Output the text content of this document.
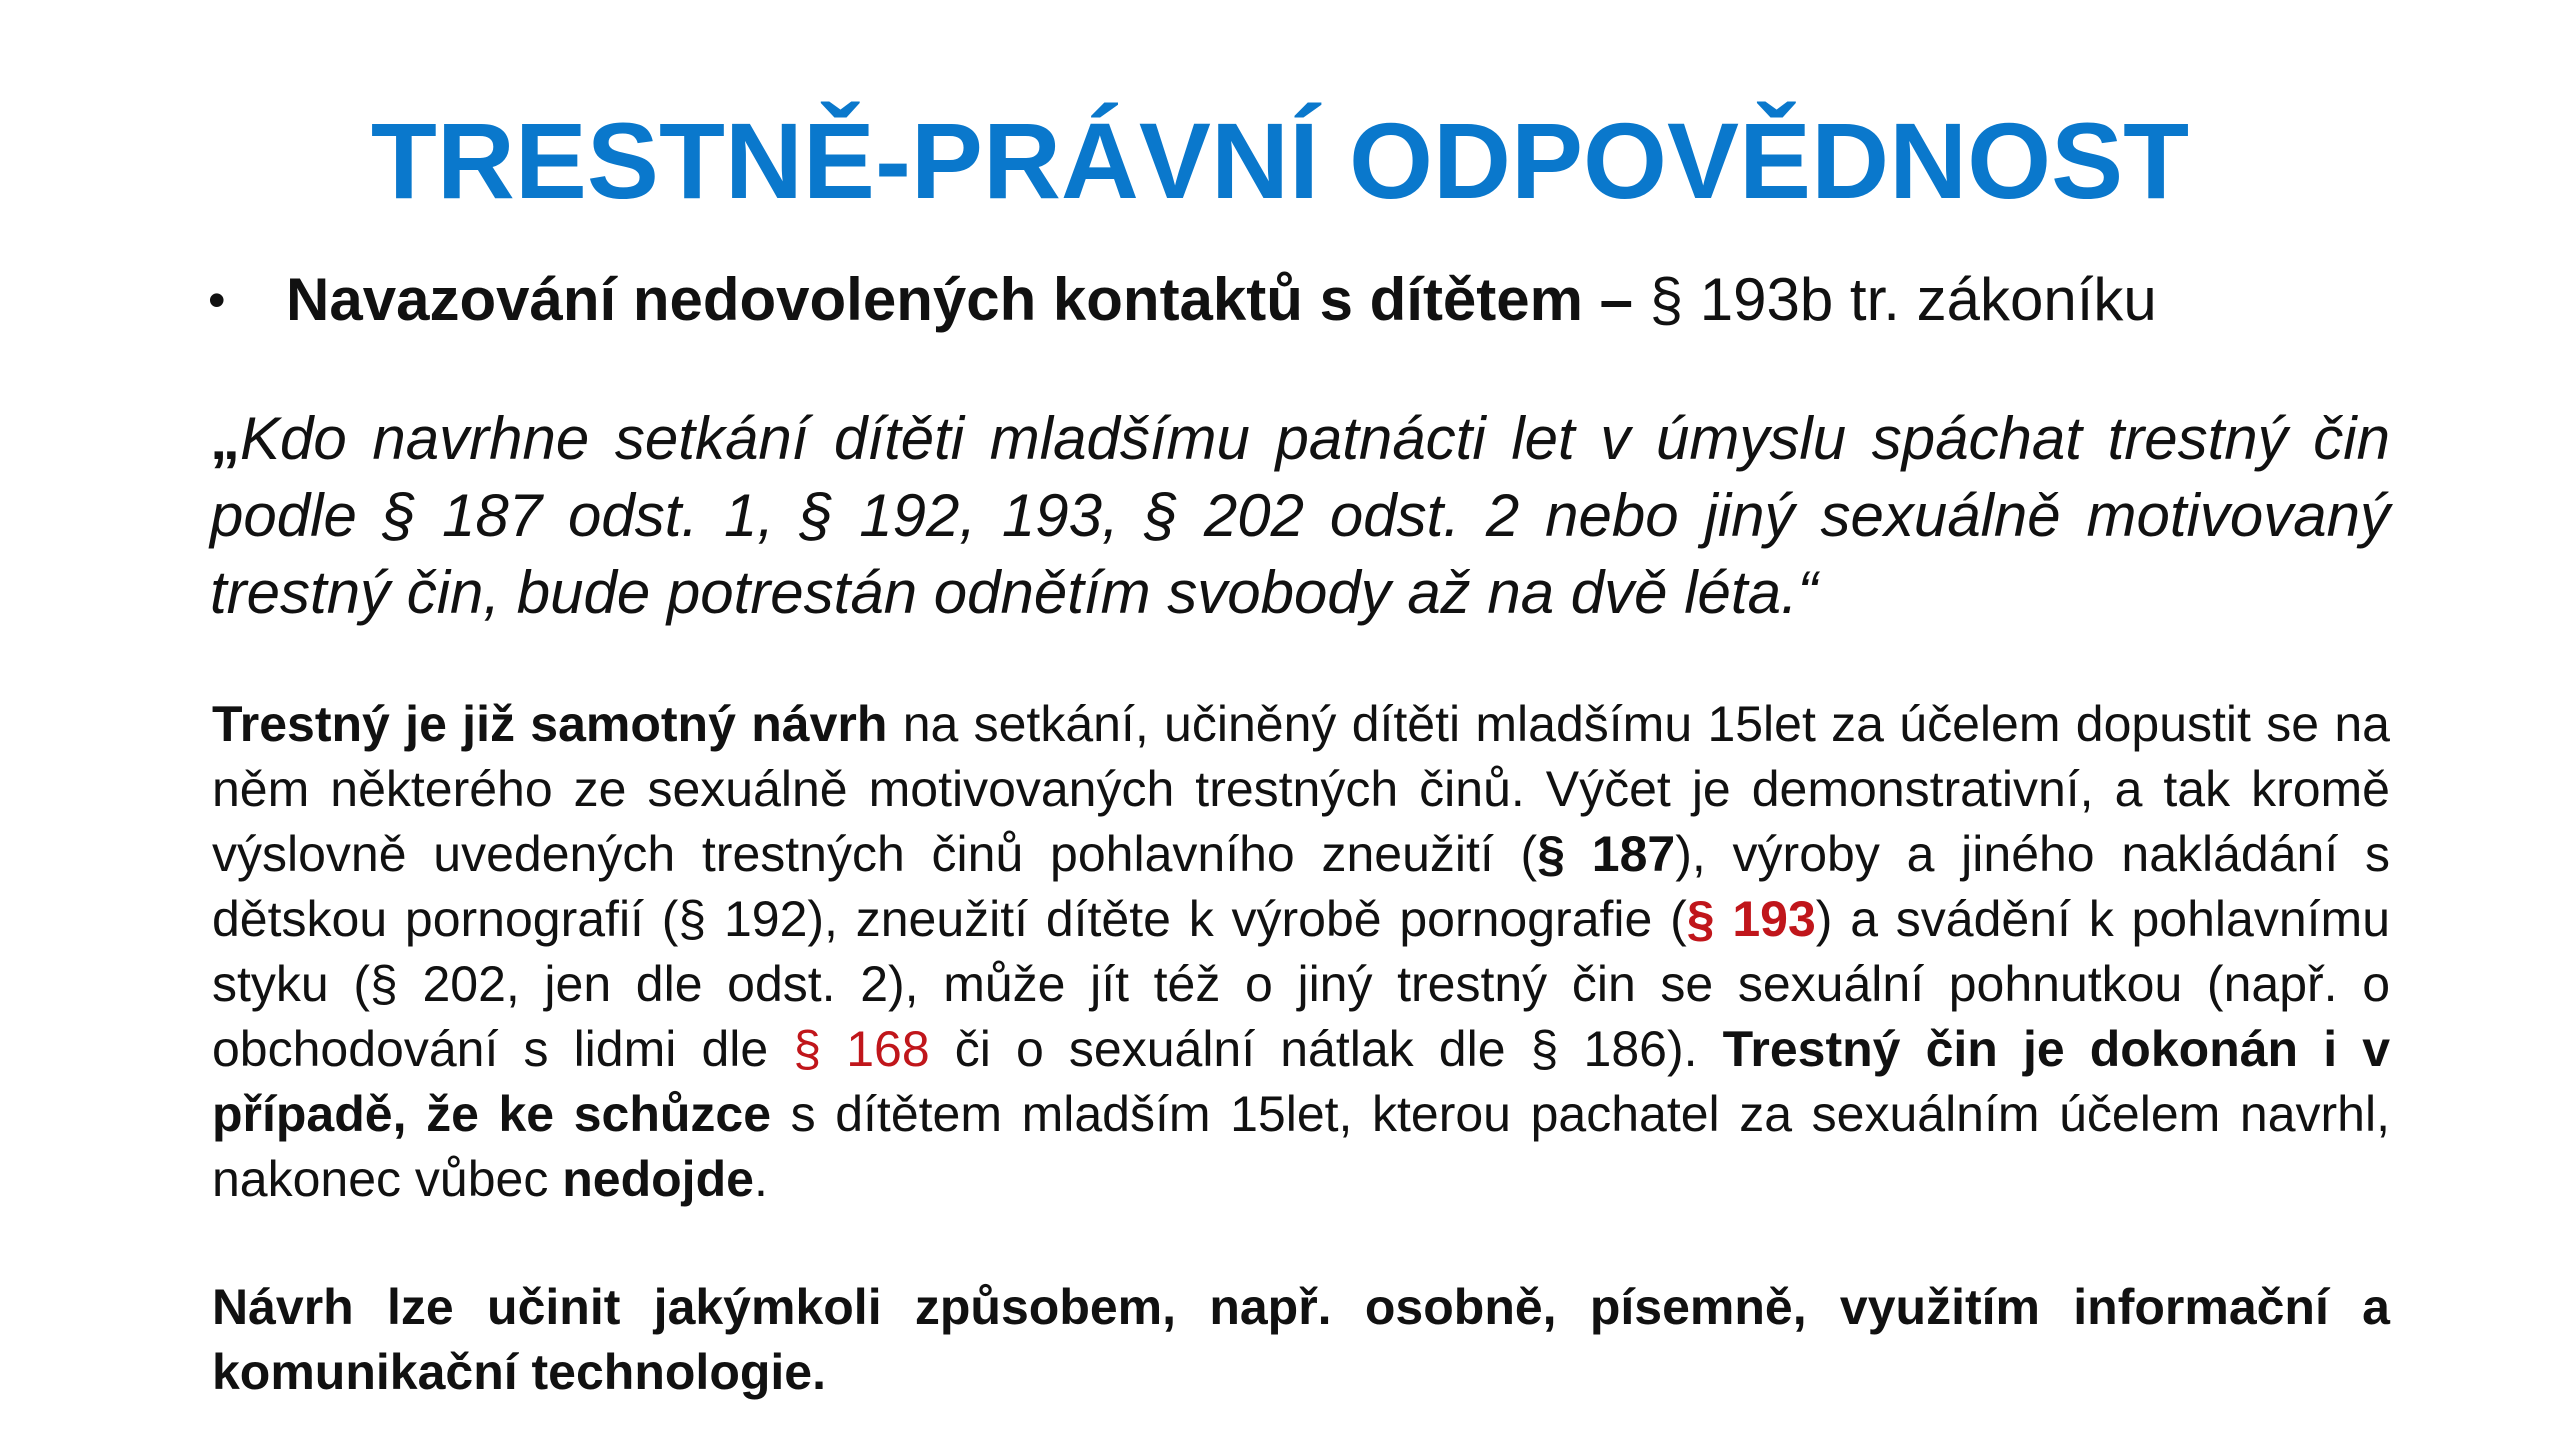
TRESTNĚ-PRÁVNÍ ODPOVĚDNOST
• Navazování nedovolených kontaktů s dítětem – § 193b tr. zákoníku

„Kdo navrhne setkání dítěti mladšímu patnácti let v úmyslu spáchat trestný čin podle § 187 odst. 1, § 192, 193, § 202 odst. 2 nebo jiný sexuálně motivovaný trestný čin, bude potrestán odnětím svobody až na dvě léta.“

Trestný je již samotný návrh na setkání, učiněný dítěti mladšímu 15let za účelem dopustit se na něm některého ze sexuálně motivovaných trestných činů. Výčet je demonstrativní, a tak kromě výslovně uvedených trestných činů pohlavního zneužití (§ 187), výroby a jiného nakládání s dětskou pornografií (§ 192), zneužití dítěte k výrobě pornografie (§ 193) a svádění k pohlavnímu styku (§ 202, jen dle odst. 2), může jít též o jiný trestný čin se sexuální pohnutkou (např. o obchodování s lidmi dle § 168 či o sexuální nátlak dle § 186). Trestný čin je dokonán i v případě, že ke schůzce s dítětem mladším 15let, kterou pachatel za sexuálním účelem navrhl, nakonec vůbec nedojde.

Návrh lze učinit jakýmkoli způsobem, např. osobně, písemně, využitím informační a komunikační technologie.
